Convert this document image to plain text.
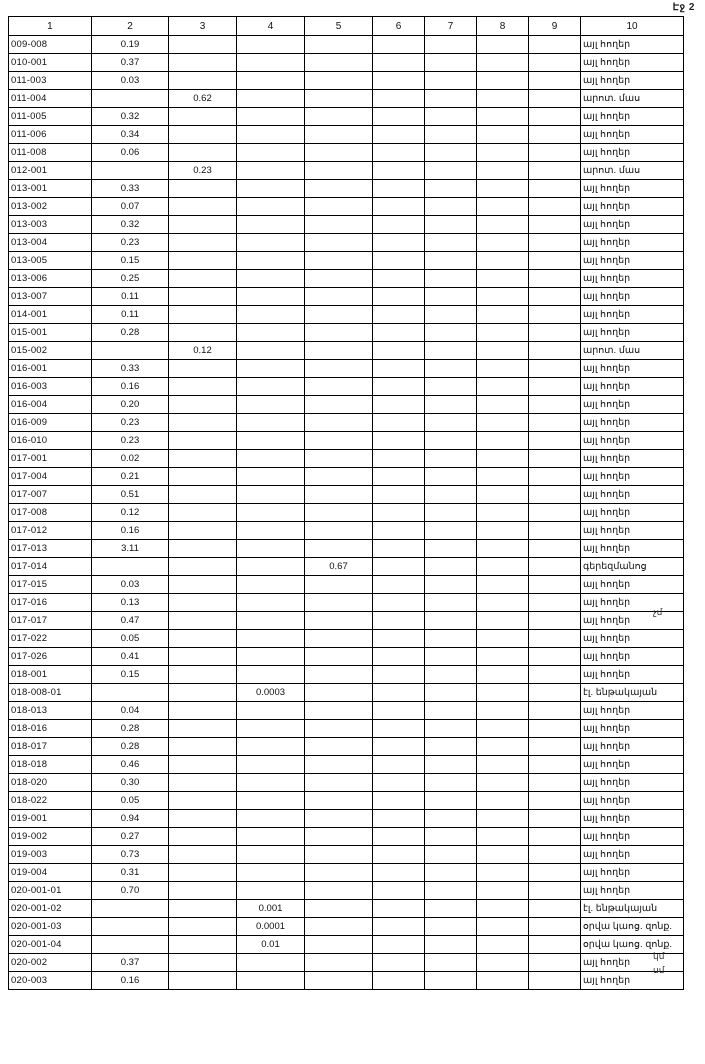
Էջ 2
1	2	3	4	5	6	7	8	9	10
009-008	0.19								այլ հողեր
010-001	0.37								այլ հողեր
011-003	0.03								այլ հողեր
011-004		0.62							արոտ. մաս
011-005	0.32								այլ հողեր
011-006	0.34								այլ հողեր
011-008	0.06								այլ հողեր
012-001		0.23							արոտ. մաս
013-001	0.33								այլ հողեր
013-002	0.07								այլ հողեր
013-003	0.32								այլ հողեր
013-004	0.23								այլ հողեր
013-005	0.15								այլ հողեր
013-006	0.25								այլ հողեր
013-007	0.11								այլ հողեր
014-001	0.11								այլ հողեր
015-001	0.28								այլ հողեր
015-002		0.12							արոտ. մաս
016-001	0.33								այլ հողեր
016-003	0.16								այլ հողեր
016-004	0.20								այլ հողեր
016-009	0.23								այլ հողեր
016-010	0.23								այլ հողեր
017-001	0.02								այլ հողեր
017-004	0.21								այլ հողեր
017-007	0.51								այլ հողեր
017-008	0.12								այլ հողեր
017-012	0.16								այլ հողեր
017-013	3.11								այլ հողեր
017-014				0.67					գերեզմանոց
017-015	0.03								այլ հողեր
017-016	0.13								այլ հողեր
017-017	0.47								այլ հողեր
017-022	0.05								այլ հողեր
017-026	0.41								այլ հողեր
018-001	0.15								այլ հողեր
018-008-01			0.0003						էլ. ենթակայան
018-013	0.04								այլ հողեր
018-016	0.28								այլ հողեր
018-017	0.28								այլ հողեր
018-018	0.46								այլ հողեր
018-020	0.30								այլ հողեր
018-022	0.05								այլ հողեր
019-001	0.94								այլ հողեր
019-002	0.27								այլ հողեր
019-003	0.73								այլ հողեր
019-004	0.31								այլ հողեր
020-001-01	0.70								այլ հողեր
020-001-02			0.001						էլ. ենթակայան
020-001-03			0.0001						օրվա կաոց. զոնք.
020-001-04			0.01						օրվա կաոց. զոնք.
020-002	0.37								այլ հողեր
020-003	0.16								այլ հողեր
չմ
կմ
սմ
